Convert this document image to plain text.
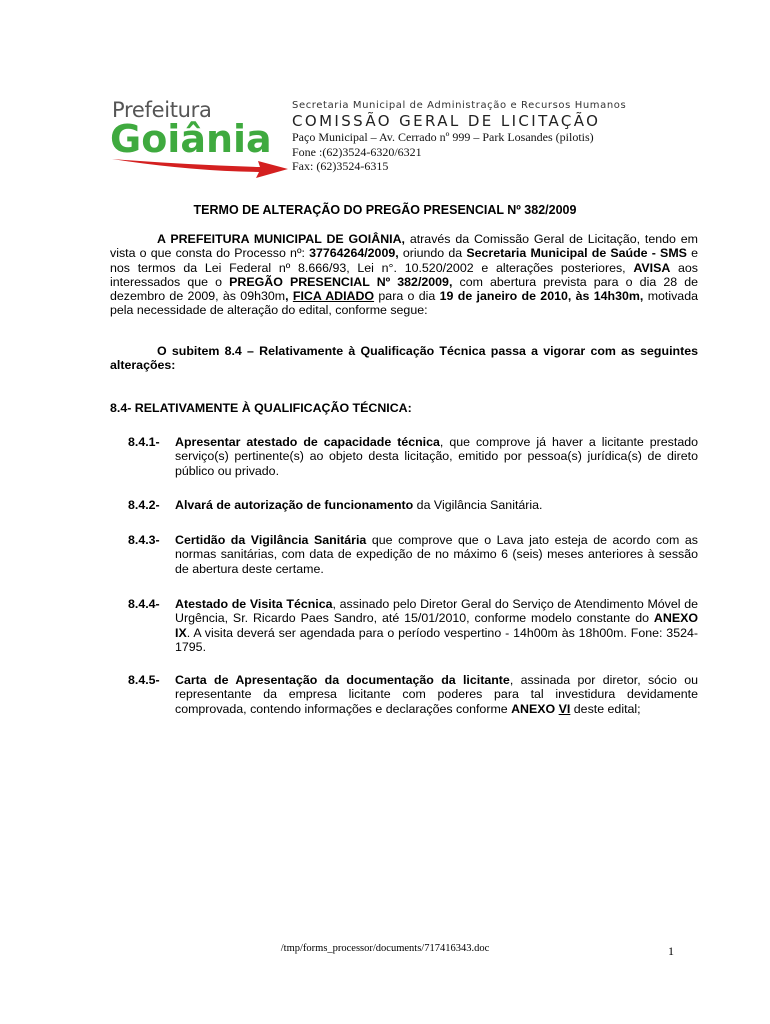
Prefeitura
Goiânia
Secretaria Municipal de Administração e Recursos Humanos
COMISSÃO GERAL DE LICITAÇÃO
Paço Municipal – Av. Cerrado nº 999 – Park Losandes (pilotis)
Fone :(62)3524-6320/6321
Fax: (62)3524-6315
TERMO DE ALTERAÇÃO DO PREGÃO PRESENCIAL Nº 382/2009
A PREFEITURA MUNICIPAL DE GOIÂNIA, através da Comissão Geral de Licitação, tendo em vista o que consta do Processo nº: 37764264/2009, oriundo da Secretaria Municipal de Saúde - SMS e nos termos da Lei Federal nº 8.666/93, Lei n°. 10.520/2002 e alterações posteriores, AVISA aos interessados que o PREGÃO PRESENCIAL Nº 382/2009, com abertura prevista para o dia 28 de dezembro de 2009, às 09h30m, FICA ADIADO para o dia 19 de janeiro de 2010, às 14h30m, motivada pela necessidade de alteração do edital, conforme segue:
O subitem 8.4 – Relativamente à Qualificação Técnica passa a vigorar com as seguintes alterações:
8.4- RELATIVAMENTE À QUALIFICAÇÃO TÉCNICA:
8.4.1- Apresentar atestado de capacidade técnica, que comprove já haver a licitante prestado serviço(s) pertinente(s) ao objeto desta licitação, emitido por pessoa(s) jurídica(s) de direto público ou privado.
8.4.2- Alvará de autorização de funcionamento da Vigilância Sanitária.
8.4.3- Certidão da Vigilância Sanitária que comprove que o Lava jato esteja de acordo com as normas sanitárias, com data de expedição de no máximo 6 (seis) meses anteriores à sessão de abertura deste certame.
8.4.4- Atestado de Visita Técnica, assinado pelo Diretor Geral do Serviço de Atendimento Móvel de Urgência, Sr. Ricardo Paes Sandro, até 15/01/2010, conforme modelo constante do ANEXO IX. A visita deverá ser agendada para o período vespertino - 14h00m às 18h00m. Fone: 3524-1795.
8.4.5- Carta de Apresentação da documentação da licitante, assinada por diretor, sócio ou representante da empresa licitante com poderes para tal investidura devidamente comprovada, contendo informações e declarações conforme ANEXO VI deste edital;
/tmp/forms_processor/documents/717416343.doc	1
